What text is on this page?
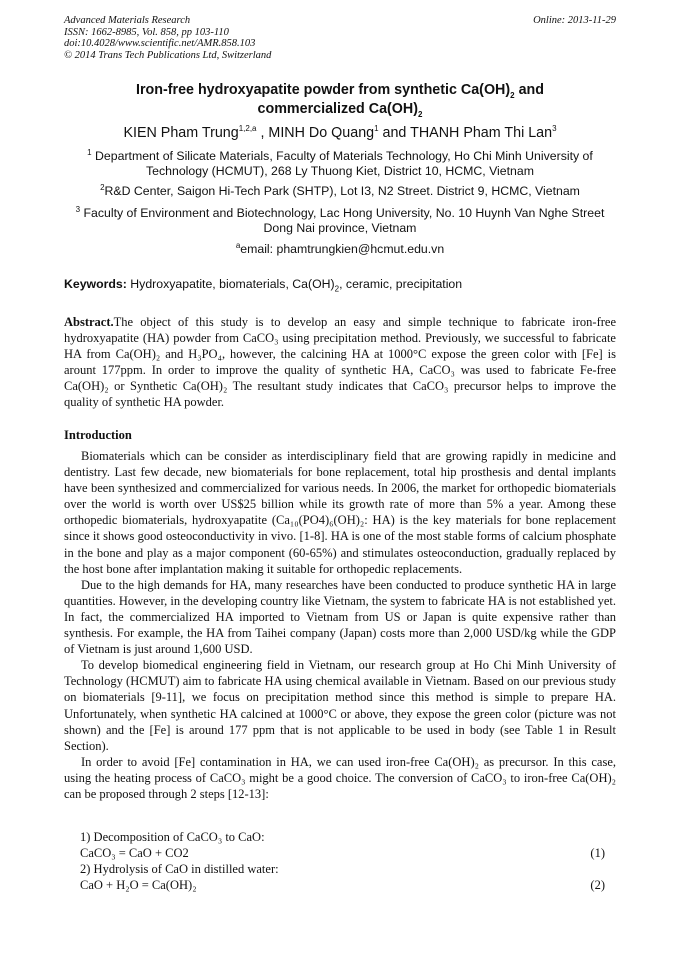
Advanced Materials Research
ISSN: 1662-8985, Vol. 858, pp 103-110
doi:10.4028/www.scientific.net/AMR.858.103
© 2014 Trans Tech Publications Ltd, Switzerland
Online: 2013-11-29
Iron-free hydroxyapatite powder from synthetic $Ca(OH)_2$ and
commercialized $Ca(OH)_2$
KIEN Pham Trung$^{1,2,a}$ , MINH Do Quang$^1$ and THANH Pham Thi Lan$^3$
$^1$ Department of Silicate Materials, Faculty of Materials Technology, Ho Chi Minh University of
Technology (HCMUT), 268 Ly Thuong Kiet, District 10, HCMC, Vietnam
$^2$R&D Center, Saigon Hi-Tech Park (SHTP), Lot I3, N2 Street. District 9, HCMC, Vietnam
$^3$ Faculty of Environment and Biotechnology, Lac Hong University, No. 10 Huynh Van Nghe Street
Dong Nai province, Vietnam
$^a$email: phamtrungkien@hcmut.edu.vn
Keywords: Hydroxyapatite, biomaterials, $Ca(OH)_2$, ceramic, precipitation

Abstract.The object of this study is to develop an easy and simple technique to fabricate iron-free hydroxyapatite (HA) powder from CaCO₃ using precipitation method. Previously, we successful to fabricate HA from Ca(OH)₂ and H₃PO₄, however, the calcining HA at 1000°C expose the green color with [Fe] is arount 177ppm. In order to improve the quality of synthetic HA, CaCO₃ was used to fabricate Fe-free Ca(OH)₂ or Synthetic Ca(OH)₂ The resultant study indicates that CaCO₃ precursor helps to improve the quality of synthetic HA powder.

Introduction

Biomaterials which can be consider as interdisciplinary field that are growing rapidly in medicine and dentistry. Last few decade, new biomaterials for bone replacement, total hip prosthesis and dental implants have been synthesized and commercialized for various needs. In 2006, the market for orthopedic biomaterials over the world is worth over US$25 billion while its growth rate of more than 5% a year. Among these orthopedic biomaterials, hydroxyapatite (Ca₁₀(PO4)₆(OH)₂: HA) is the key materials for bone replacement since it shows good osteoconductivity in vivo. [1-8]. HA is one of the most stable forms of calcium phosphate in the bone and play as a major component (60‑65%) and stimulates osteoconduction, gradually replaced by the host bone after implantation making it suitable for orthopedic replacements.

Due to the high demands for HA, many researches have been conducted to produce synthetic HA in large quantities. However, in the developing country like Vietnam, the system to fabricate HA is not established yet. In fact, the commercialized HA imported to Vietnam from US or Japan is quite expensive rather than synthesis. For example, the HA from Taihei company (Japan) costs more than 2,000 USD/kg while the GDP of Vietnam is just around 1,600 USD.

To develop biomedical engineering field in Vietnam, our research group at Ho Chi Minh University of Technology (HCMUT) aim to fabricate HA using chemical available in Vietnam. Based on our previous study on biomaterials [9-11], we focus on precipitation method since this method is simple to prepare HA. Unfortunately, when synthetic HA calcined at 1000°C or above, they expose the green color (picture was not shown) and the [Fe] is around 177 ppm that is not applicable to be used in body (see Table 1 in Result Section).

In order to avoid [Fe] contamination in HA, we can used iron-free Ca(OH)₂ as precursor. In this case, using the heating process of CaCO₃ might be a good choice. The conversion of CaCO₃ to iron-free Ca(OH)₂ can be proposed through 2 steps [12-13]:

1) Decomposition of CaCO₃ to CaO:
CaCO₃ = CaO + CO2	(1)
2) Hydrolysis of CaO in distilled water:
CaO + H₂O = Ca(OH)₂	(2)
